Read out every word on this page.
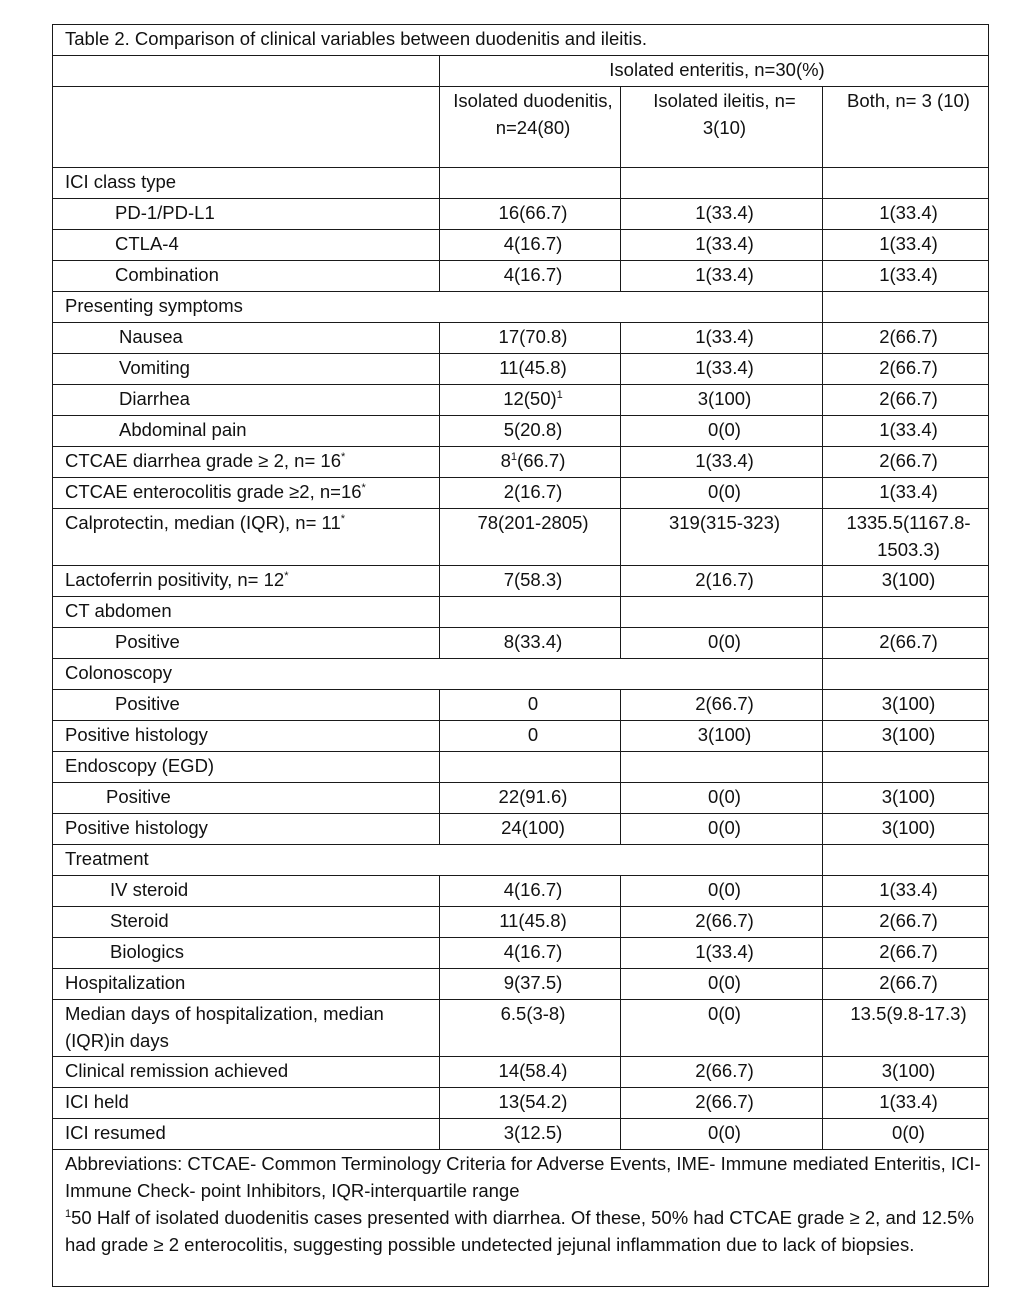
Table 2. Comparison of clinical variables between duodenitis and ileitis.			
	Isolated enteritis, n=30(%)		
	Isolated duodenitis, n=24(80)	Isolated ileitis, n= 3(10)	Both, n= 3 (10)
ICI class type			
PD-1/PD-L1	16(66.7)	1(33.4)	1(33.4)
CTLA-4	4(16.7)	1(33.4)	1(33.4)
Combination	4(16.7)	1(33.4)	1(33.4)
Presenting symptoms			
Nausea	17(70.8)	1(33.4)	2(66.7)
Vomiting	11(45.8)	1(33.4)	2(66.7)
Diarrhea	$12(50)^1$	3(100)	2(66.7)
Abdominal pain	5(20.8)	0(0)	1(33.4)
CTCAE diarrhea grade ≥ 2, n= 16*	$8^1(66.7)$	1(33.4)	2(66.7)
CTCAE enterocolitis grade ≥2, n=16*	2(16.7)	0(0)	1(33.4)
Calprotectin, median (IQR), n= 11*	78(201-2805)	319(315-323)	1335.5(1167.8-1503.3)
Lactoferrin positivity, n= 12*	7(58.3)	2(16.7)	3(100)
CT abdomen			
Positive	8(33.4)	0(0)	2(66.7)
Colonoscopy			
Positive	0	2(66.7)	3(100)
Positive histology	0	3(100)	3(100)
Endoscopy (EGD)			
Positive	22(91.6)	0(0)	3(100)
Positive histology	24(100)	0(0)	3(100)
Treatment			
IV steroid	4(16.7)	0(0)	1(33.4)
Steroid	11(45.8)	2(66.7)	2(66.7)
Biologics	4(16.7)	1(33.4)	2(66.7)
Hospitalization	9(37.5)	0(0)	2(66.7)
Median days of hospitalization, median (IQR)in days	6.5(3-8)	0(0)	13.5(9.8-17.3)
Clinical remission achieved	14(58.4)	2(66.7)	3(100)
ICI held	13(54.2)	2(66.7)	1(33.4)
ICI resumed	3(12.5)	0(0)	0(0)

Abbreviations: CTCAE- Common Terminology Criteria for Adverse Events, IME- Immune mediated Enteritis, ICI- Immune Check- point Inhibitors, IQR-interquartile range
$^1$50 Half of isolated duodenitis cases presented with diarrhea. Of these, 50% had CTCAE grade ≥ 2, and 12.5% had grade ≥ 2 enterocolitis, suggesting possible undetected jejunal inflammation due to lack of biopsies.			
